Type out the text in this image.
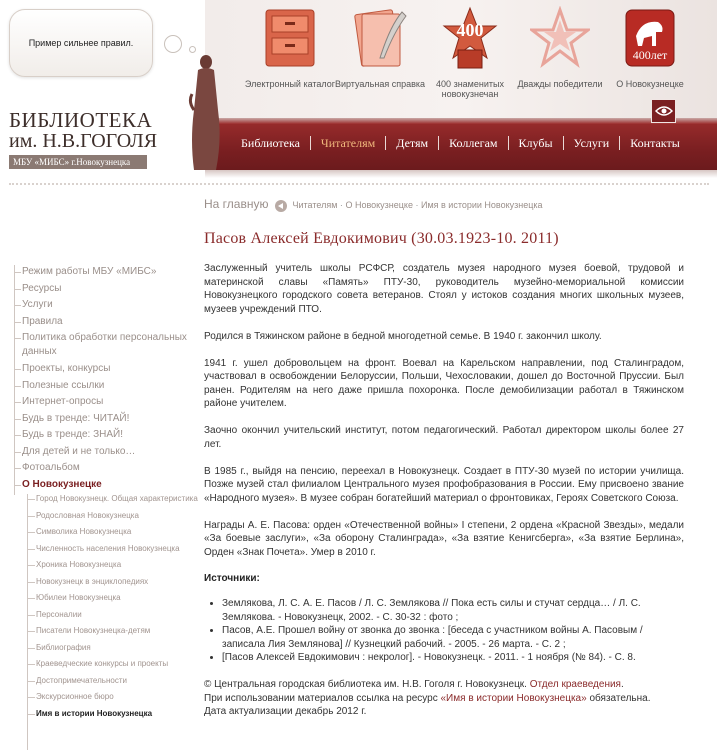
Пример сильнее правил.
БИБЛИОТЕКА
им. Н.В.ГОГОЛЯ
МБУ «МИБС» г.Новокузнецка
Электронный каталог Виртуальная справка
400
400 знаменитых новокузнечан
Дважды победители
400лет
О Новокузнецке
Библиотека	Читателям	Детям	Коллегам	Клубы	Услуги	Контакты
Режим работы МБУ «МИБС»
Ресурсы
Услуги
Правила
Политика обработки персональных данных
Проекты, конкурсы
Полезные ссылки
Интернет-опросы
Будь в тренде: ЧИТАЙ!
Будь в тренде: ЗНАЙ!
Для детей и не только…
Фотоальбом
О Новокузнецке
Город Новокузнецк. Общая характеристика
Родословная Новокузнецка
Символика Новокузнецка
Численность населения Новокузнецка
Хроника Новокузнецка
Новокузнецк в энциклопедиях
Юбилеи Новокузнецка
Персоналии
Писатели Новокузнецка-детям
Библиография
Краеведческие конкурсы и проекты
Достопримечательности
Экскурсионное бюро
Имя в истории Новокузнецка
На главную	Читателям · О Новокузнецке · Имя в истории Новокузнецка
Пасов Алексей Евдокимович (30.03.1923-10. 2011)

Заслуженный учитель школы РСФСР, создатель музея народного музея боевой, трудовой и материнской славы «Память» ПТУ-30, руководитель музейно-мемориальной комиссии Новокузнецкого городского совета ветеранов. Стоял у истоков создания многих школьных музеев, музеев учреждений ПТО.

Родился в Тяжинском районе в бедной многодетной семье. В 1940 г. закончил школу.

1941 г. ушел добровольцем на фронт. Воевал на Карельском направлении, под Сталинградом, участвовал в освобождении Белоруссии, Польши, Чехословакии, дошел до Восточной Пруссии. Был ранен. Родителям на него даже пришла похоронка. После демобилизации работал в Тяжинском районе учителем.

Заочно окончил учительский институт, потом педагогический. Работал директором школы более 27 лет.

В 1985 г., выйдя на пенсию, переехал в Новокузнецк. Создает в ПТУ-30 музей по истории училища. Позже музей стал филиалом Центрального музея профобразования в России. Ему присвоено звание «Народного музея». В музее собран богатейший материал о фронтовиках, Героях Советского Союза.

Награды А. Е. Пасова: орден «Отечественной войны» I степени, 2 ордена «Красной Звезды», медали «За боевые заслуги», «За оборону Сталинграда», «За взятие Кенигсберга», «За взятие Берлина», Орден «Знак Почета». Умер в 2010 г.

Источники:
• Землякова, Л. С. А. Е. Пасов / Л. С. Землякова // Пока есть силы и стучат сердца… / Л. С. Землякова. - Новокузнецк, 2002. - С. 30-32 : фото ;
• Пасов, А.Е. Прошел войну от звонка до звонка : [беседа с участником войны А. Пасовым / записала Лия Землянова] // Кузнецкий рабочий. - 2005. - 26 марта. - С. 2 ;
• [Пасов Алексей Евдокимович : некролог]. - Новокузнецк. - 2011. - 1 ноября (№ 84). - С. 8.
© Центральная городская библиотека им. Н.В. Гоголя г. Новокузнецк. Отдел краеведения.
При использовании материалов ссылка на ресурс «Имя в истории Новокузнецка» обязательна.
Дата актуализации декабрь 2012 г.
